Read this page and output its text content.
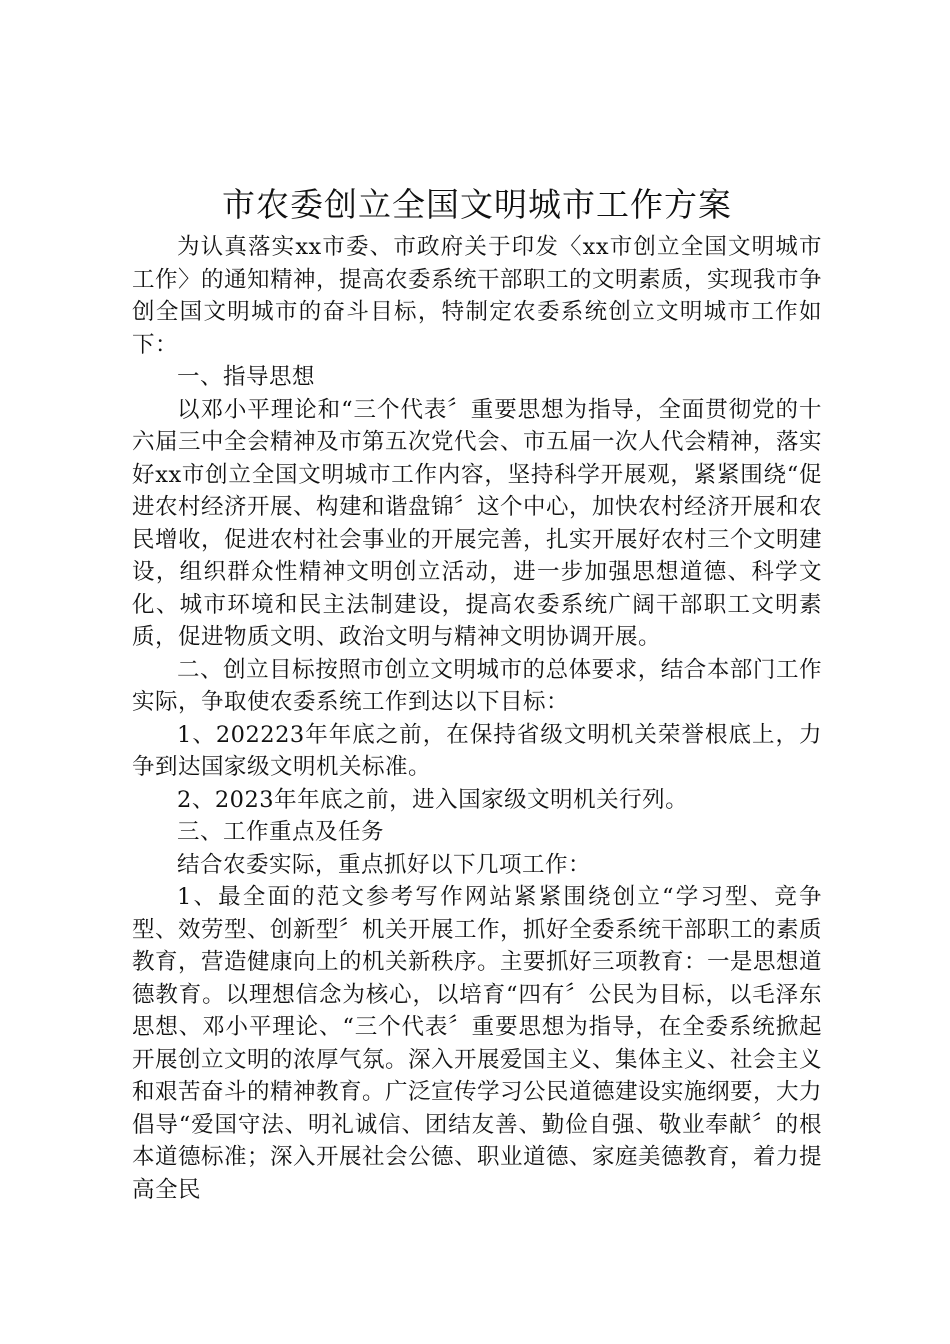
市农委创立全国文明城市工作方案

为认真落实xx市委、市政府关于印发〈xx市创立全国文明城市工作〉的通知精神，提高农委系统干部职工的文明素质，实现我市争创全国文明城市的奋斗目标，特制定农委系统创立文明城市工作如下：

一、指导思想

以邓小平理论和“三个代表〞重要思想为指导，全面贯彻党的十六届三中全会精神及市第五次党代会、市五届一次人代会精神，落实好xx市创立全国文明城市工作内容，坚持科学开展观，紧紧围绕“促进农村经济开展、构建和谐盘锦〞这个中心，加快农村经济开展和农民增收，促进农村社会事业的开展完善，扎实开展好农村三个文明建设，组织群众性精神文明创立活动，进一步加强思想道德、科学文化、城市环境和民主法制建设，提高农委系统广阔干部职工文明素质，促进物质文明、政治文明与精神文明协调开展。

二、创立目标按照市创立文明城市的总体要求，结合本部门工作实际，争取使农委系统工作到达以下目标：

1、202223年年底之前，在保持省级文明机关荣誉根底上，力争到达国家级文明机关标准。

2、2023年年底之前，进入国家级文明机关行列。

三、工作重点及任务

结合农委实际，重点抓好以下几项工作：

1、最全面的范文参考写作网站紧紧围绕创立“学习型、竞争型、效劳型、创新型〞机关开展工作，抓好全委系统干部职工的素质教育，营造健康向上的机关新秩序。主要抓好三项教育：一是思想道德教育。以理想信念为核心，以培育“四有〞公民为目标，以毛泽东思想、邓小平理论、“三个代表〞重要思想为指导，在全委系统掀起开展创立文明的浓厚气氛。深入开展爱国主义、集体主义、社会主义和艰苦奋斗的精神教育。广泛宣传学习公民道德建设实施纲要，大力倡导“爱国守法、明礼诚信、团结友善、勤俭自强、敬业奉献〞的根本道德标准；深入开展社会公德、职业道德、家庭美德教育，着力提高全民
